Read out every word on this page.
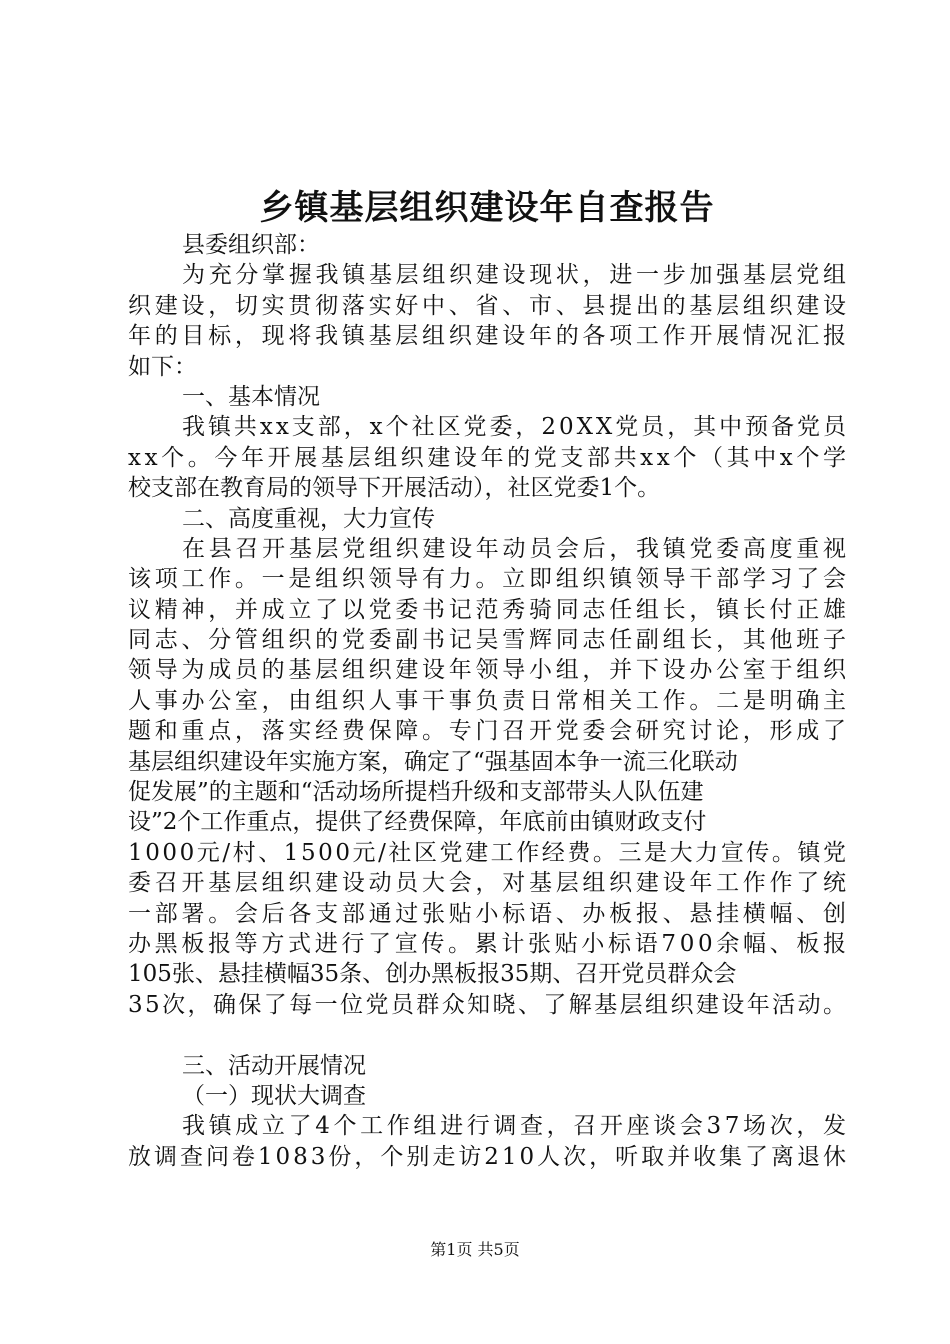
乡镇基层组织建设年自查报告
县委组织部：
为充分掌握我镇基层组织建设现状，进一步加强基层党组
织建设，切实贯彻落实好中、省、市、县提出的基层组织建设
年的目标，现将我镇基层组织建设年的各项工作开展情况汇报
如下：
一、基本情况
我镇共xx支部，x个社区党委，20XX党员，其中预备党员
xx个。今年开展基层组织建设年的党支部共xx个（其中x个学
校支部在教育局的领导下开展活动），社区党委1个。
二、高度重视，大力宣传
在县召开基层党组织建设年动员会后，我镇党委高度重视
该项工作。一是组织领导有力。立即组织镇领导干部学习了会
议精神，并成立了以党委书记范秀骑同志任组长，镇长付正雄
同志、分管组织的党委副书记吴雪辉同志任副组长，其他班子
领导为成员的基层组织建设年领导小组，并下设办公室于组织
人事办公室，由组织人事干事负责日常相关工作。二是明确主
题和重点，落实经费保障。专门召开党委会研究讨论，形成了
基层组织建设年实施方案，确定了“强基固本争一流三化联动
促发展”的主题和“活动场所提档升级和支部带头人队伍建
设”2个工作重点，提供了经费保障，年底前由镇财政支付
1000元/村、1500元/社区党建工作经费。三是大力宣传。镇党
委召开基层组织建设动员大会，对基层组织建设年工作作了统
一部署。会后各支部通过张贴小标语、办板报、悬挂横幅、创
办黑板报等方式进行了宣传。累计张贴小标语700余幅、板报
105张、悬挂横幅35条、创办黑板报35期、召开党员群众会
35次，确保了每一位党员群众知晓、了解基层组织建设年活动。
三、活动开展情况
（一）现状大调查
我镇成立了4个工作组进行调查，召开座谈会37场次，发
放调查问卷1083份，个别走访210人次，听取并收集了离退休
第1页 共5页
